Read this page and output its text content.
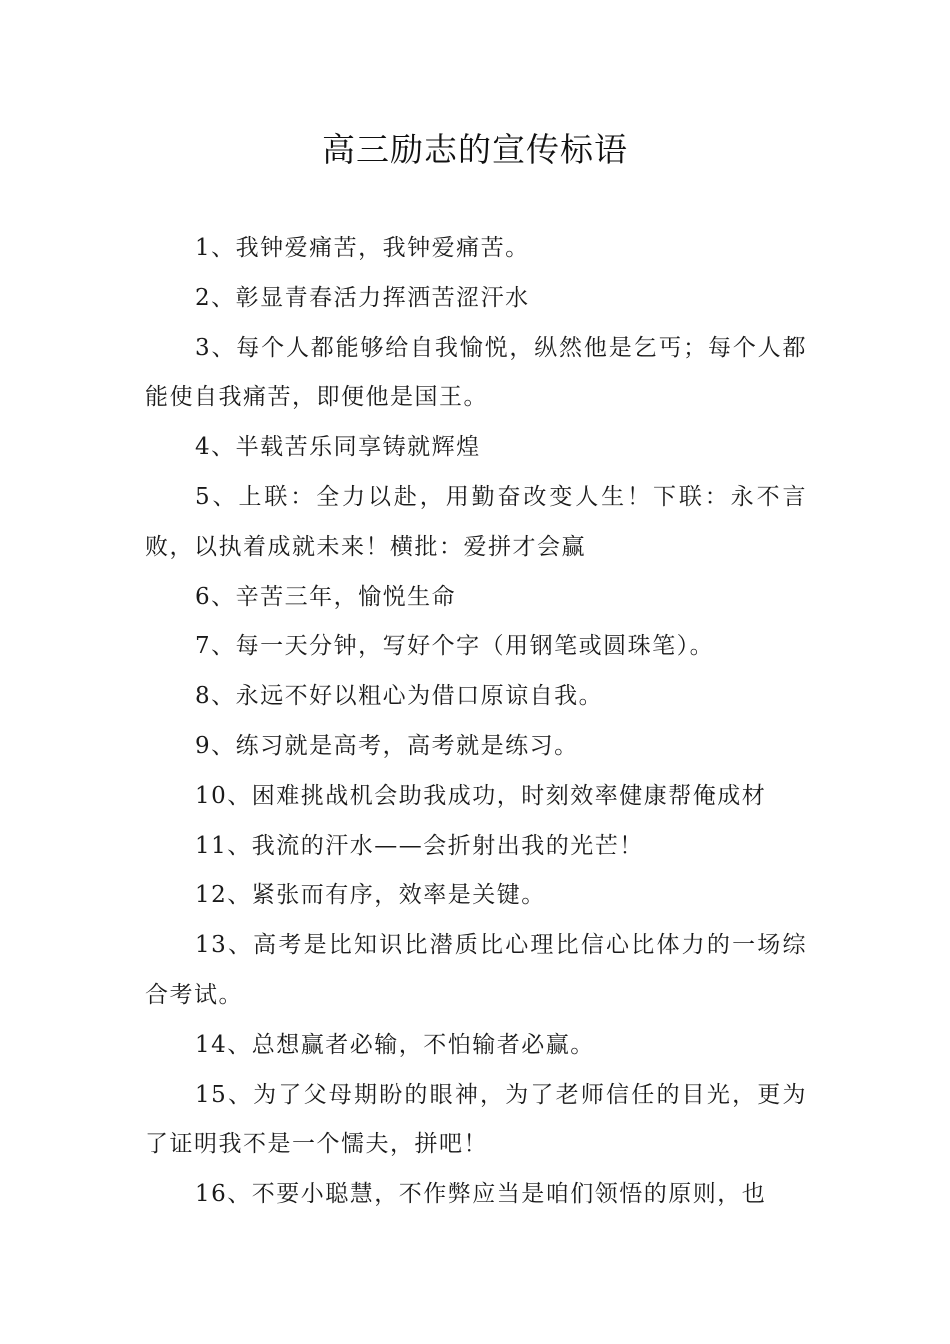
高三励志的宣传标语

1、我钟爱痛苦，我钟爱痛苦。

2、彰显青春活力挥洒苦涩汗水

3、每个人都能够给自我愉悦，纵然他是乞丐；每个人都能使自我痛苦，即便他是国王。

4、半载苦乐同享铸就辉煌

5、上联：全力以赴，用勤奋改变人生！下联：永不言败，以执着成就未来！横批：爱拼才会赢

6、辛苦三年，愉悦生命

7、每一天分钟，写好个字（用钢笔或圆珠笔）。

8、永远不好以粗心为借口原谅自我。

9、练习就是高考，高考就是练习。

10、困难挑战机会助我成功，时刻效率健康帮俺成材

11、我流的汗水——会折射出我的光芒！

12、紧张而有序，效率是关键。

13、高考是比知识比潜质比心理比信心比体力的一场综合考试。

14、总想赢者必输，不怕输者必赢。

15、为了父母期盼的眼神，为了老师信任的目光，更为了证明我不是一个懦夫，拼吧！

16、不要小聪慧，不作弊应当是咱们领悟的原则，也
